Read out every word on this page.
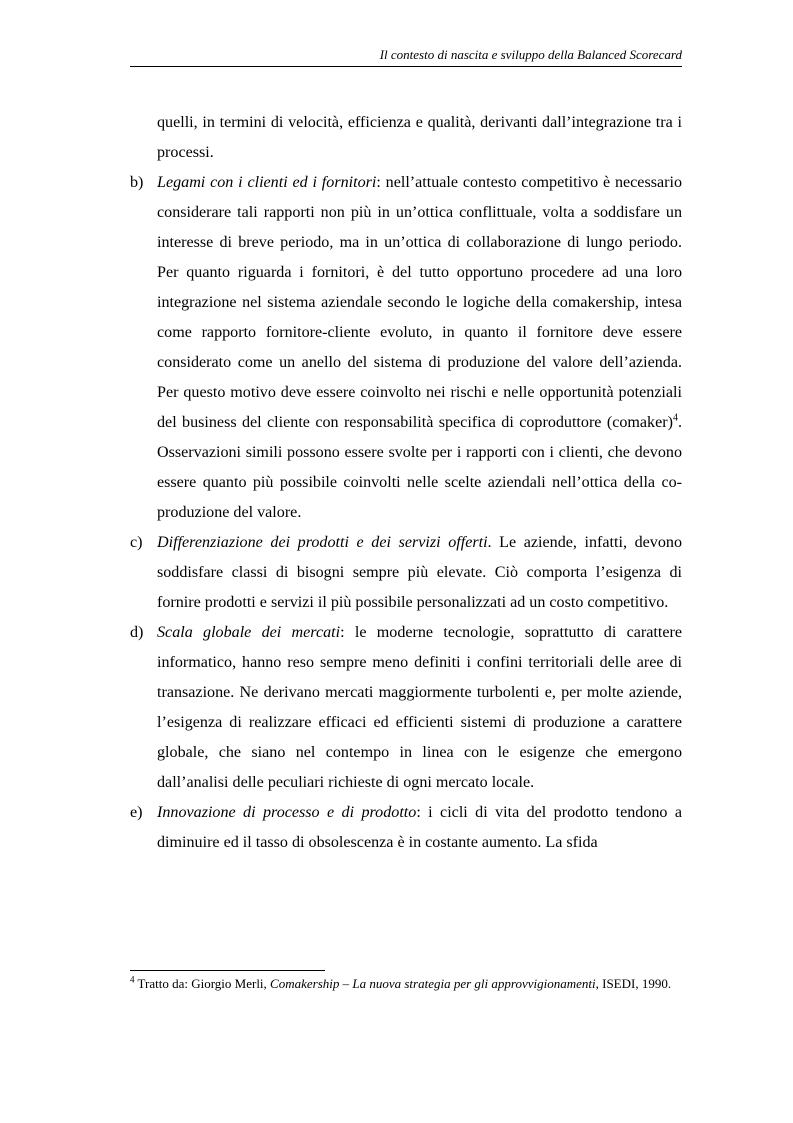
Il contesto di nascita e sviluppo della Balanced Scorecard

quelli, in termini di velocità, efficienza e qualità, derivanti dall’integrazione tra i processi.

b) Legami con i clienti ed i fornitori: nell’attuale contesto competitivo è necessario considerare tali rapporti non più in un’ottica conflittuale, volta a soddisfare un interesse di breve periodo, ma in un’ottica di collaborazione di lungo periodo. Per quanto riguarda i fornitori, è del tutto opportuno procedere ad una loro integrazione nel sistema aziendale secondo le logiche della comakership, intesa come rapporto fornitore-cliente evoluto, in quanto il fornitore deve essere considerato come un anello del sistema di produzione del valore dell’azienda. Per questo motivo deve essere coinvolto nei rischi e nelle opportunità potenziali del business del cliente con responsabilità specifica di coproduttore (comaker)$^4$. Osservazioni simili possono essere svolte per i rapporti con i clienti, che devono essere quanto più possibile coinvolti nelle scelte aziendali nell’ottica della co-produzione del valore.

c) Differenziazione dei prodotti e dei servizi offerti. Le aziende, infatti, devono soddisfare classi di bisogni sempre più elevate. Ciò comporta l’esigenza di fornire prodotti e servizi il più possibile personalizzati ad un costo competitivo.

d) Scala globale dei mercati: le moderne tecnologie, soprattutto di carattere informatico, hanno reso sempre meno definiti i confini territoriali delle aree di transazione. Ne derivano mercati maggiormente turbolenti e, per molte aziende, l’esigenza di realizzare efficaci ed efficienti sistemi di produzione a carattere globale, che siano nel contempo in linea con le esigenze che emergono dall’analisi delle peculiari richieste di ogni mercato locale.

e) Innovazione di processo e di prodotto: i cicli di vita del prodotto tendono a diminuire ed il tasso di obsolescenza è in costante aumento. La sfida

$^4$ Tratto da: Giorgio Merli, Comakership – La nuova strategia per gli approvvigionamenti, ISEDI, 1990.
